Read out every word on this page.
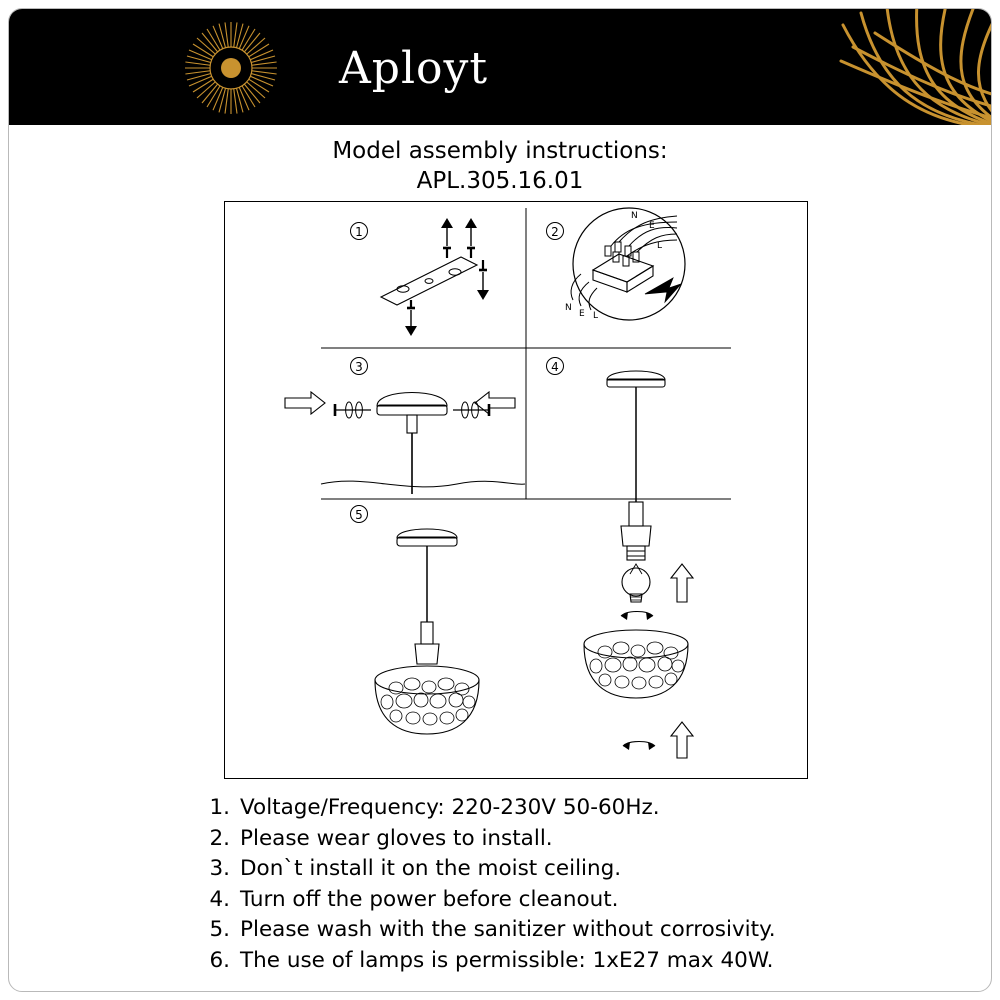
Aployt
Model assembly instructions:
APL.305.16.01
1	2
N
E
L
N
E L
3	4
5
1. Voltage/Frequency: 220-230V 50-60Hz.
2. Please wear gloves to install.
3. Don`t install it on the moist ceiling.
4. Turn off the power before cleanout.
5. Please wash with the sanitizer without corrosivity.
6. The use of lamps is permissible: 1xE27 max 40W.
